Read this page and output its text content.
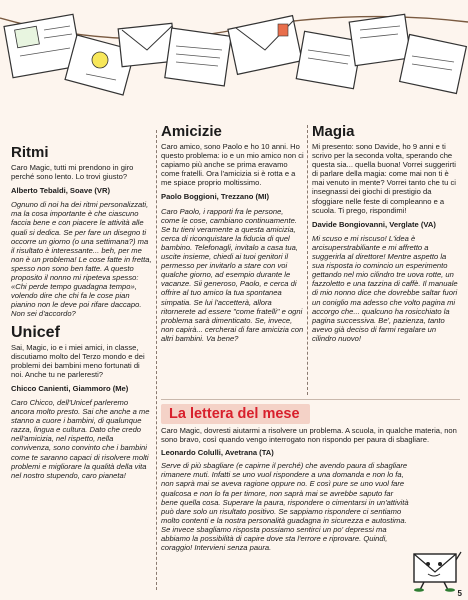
Ritmi

Caro Magic, tutti mi prendono in giro perché sono lento. Lo trovi giusto?

Alberto Tebaldi, Soave (VR)

Ognuno di noi ha dei ritmi personalizzati, ma la cosa importante è che ciascuno faccia bene e con piacere le attività alle quali si dedica. Se per fare un disegno ti occorre un giorno (o una settimana?) ma il risultato è interessante... beh, per me non è un problema! Le cose fatte in fretta, spesso non sono ben fatte. A questo proposito il nonno mi ripeteva spesso: «Chi perde tempo guadagna tempo», volendo dire che chi fa le cose pian pianino non le deve poi rifare daccapo. Non sei d'accordo?

Unicef

Sai, Magic, io e i miei amici, in classe, discutiamo molto del Terzo mondo e dei problemi dei bambini meno fortunati di noi. Anche tu ne parleresti?

Chicco Canienti, Giammoro (Me)

Caro Chicco, dell'Unicef parleremo ancora molto presto. Sai che anche a me stanno a cuore i bambini, di qualunque razza, lingua e cultura. Dato che credo nell'amicizia, nel rispetto, nella convivenza, sono convinto che i bambini come te saranno capaci di risolvere molti problemi e migliorare la qualità della vita nel nostro stupendo, caro pianeta!

Amicizie

Caro amico, sono Paolo e ho 10 anni. Ho questo problema: io e un mio amico non ci capiamo più anche se prima eravamo come fratelli. Ora l'amicizia si è rotta e a me spiace proprio moltissimo.

Paolo Boggioni, Trezzano (MI)

Caro Paolo, i rapporti fra le persone, come le cose, cambiano continuamente. Se tu tieni veramente a questa amicizia, cerca di riconquistare la fiducia di quel bambino. Telefonagli, invitalo a casa tua, uscite insieme, chiedi ai tuoi genitori il permesso per invitarlo a stare con voi qualche giorno, ad esempio durante le vacanze. Sii generoso, Paolo, e cerca di offrire al tuo amico la tua spontanea simpatia. Se lui l'accetterà, allora ritornerete ad essere "come fratelli" e ogni problema sarà dimenticato. Se, invece, non capirà... cercherai di fare amicizia con altri bambini. Va bene?

Magia

Mi presento: sono Davide, ho 9 anni e ti scrivo per la seconda volta, sperando che questa sia... quella buona! Vorrei suggerirti di parlare della magia: come mai non ti è mai venuto in mente? Vorrei tanto che tu ci insegnassi dei giochi di prestigio da sfoggiare nelle feste di compleanno e a scuola. Ti prego, rispondimi!

Davide Bongiovanni, Verglate (VA)

Mi scuso e mi riscuso! L'idea è arcisuperstrabiliante e mi affretto a suggerirla al direttore! Mentre aspetto la sua risposta io comincio un esperimento gettando nel mio cilindro tre uova rotte, un fazzoletto e una tazzina di caffè. Il manuale di mio nonno dice che dovrebbe saltar fuori un coniglio ma adesso che volto pagina mi accorgo che... qualcuno ha rosicchiato la pagina successiva. Be', pazienza, tanto avevo già deciso di farmi regalare un cilindro nuovo!

La lettera del mese

Caro Magic, dovresti aiutarmi a risolvere un problema. A scuola, in qualche materia, non sono bravo, così quando vengo interrogato non rispondo per paura di sbagliare.

Leonardo Colulli, Avetrana (TA)

Serve di più sbagliare (e capirne il perché) che avendo paura di sbagliare rimanere muti. Infatti se uno vuol rispondere a una domanda e non lo fa, non saprà mai se aveva ragione oppure no. E così pure se uno vuol fare qualcosa e non lo fa per timore, non saprà mai se avrebbe saputo far bene quella cosa. Superare la paura, rispondere o cimentarsi in un'attività può dare solo un risultato positivo. Se sappiamo rispondere ci sentiamo molto contenti e la nostra personalità guadagna in sicurezza e autostima. Se invece sbagliamo risposta possiamo sentirci un po' depressi ma abbiamo la possibilità di capire dove sta l'errore e riprovare. Quindi, coraggio! Intervieni senza paura.

5
